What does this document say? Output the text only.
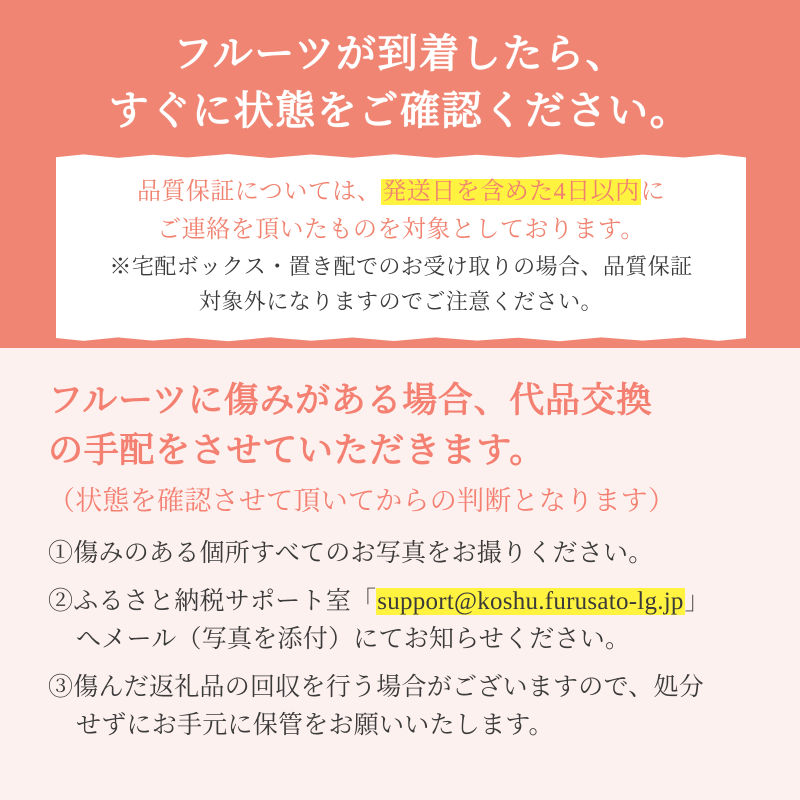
フルーツが到着したら、
すぐに状態をご確認ください。
品質保証については、発送日を含めた4日以内に
ご連絡を頂いたものを対象としております。
※宅配ボックス・置き配でのお受け取りの場合、品質保証
対象外になりますのでご注意ください。
フルーツに傷みがある場合、代品交換
の手配をさせていただきます。
（状態を確認させて頂いてからの判断となります）
①傷みのある個所すべてのお写真をお撮りください。
②ふるさと納税サポート室「support@koshu.furusato-lg.jp」
へメール（写真を添付）にてお知らせください。
③傷んだ返礼品の回収を行う場合がございますので、処分
せずにお手元に保管をお願いいたします。
